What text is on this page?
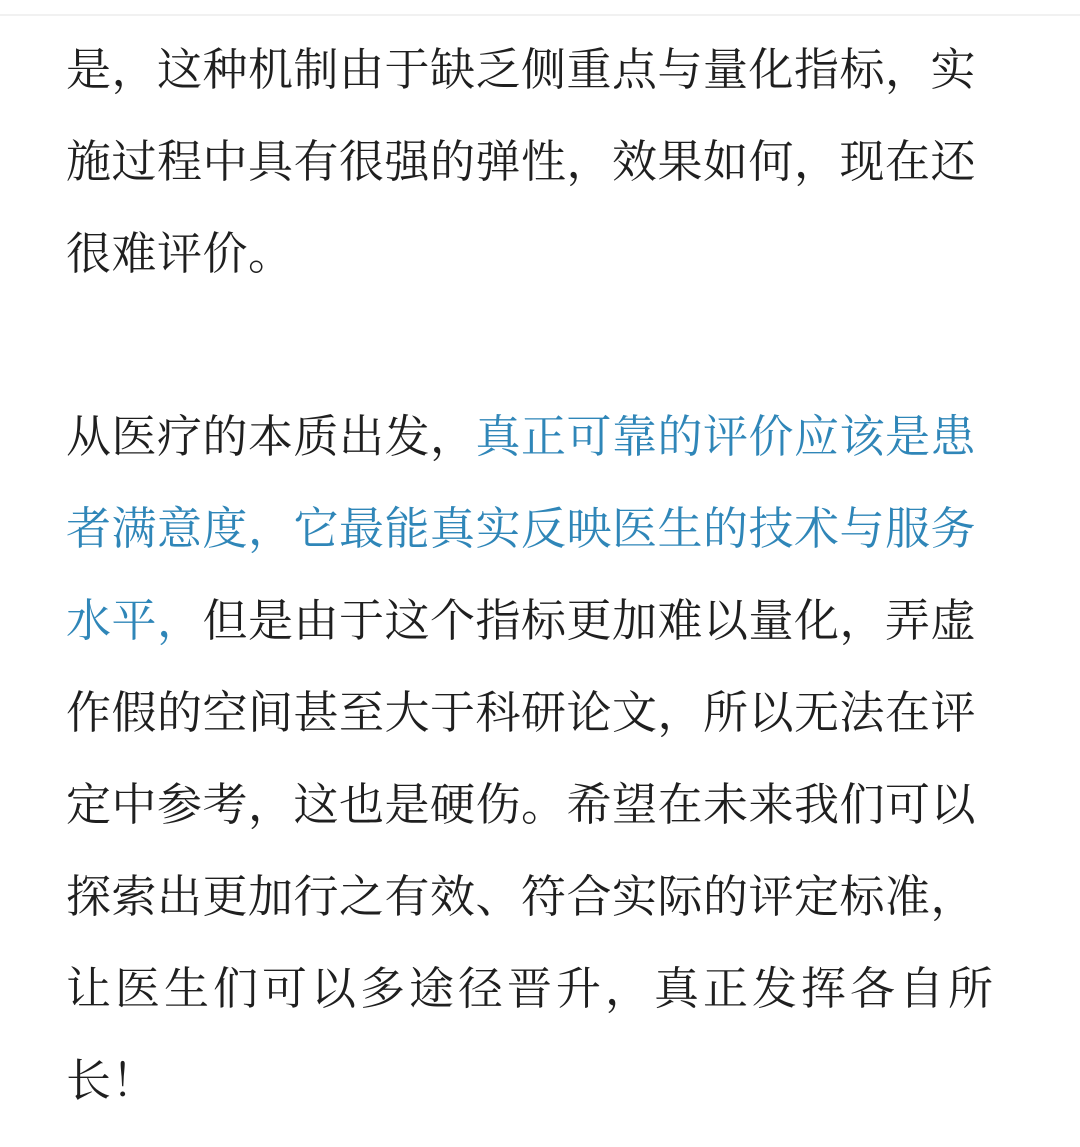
是，这种机制由于缺乏侧重点与量化指标，实
施过程中具有很强的弹性，效果如何，现在还
很难评价。
从医疗的本质出发，真正可靠的评价应该是患
者满意度，它最能真实反映医生的技术与服务
水平，但是由于这个指标更加难以量化，弄虚
作假的空间甚至大于科研论文，所以无法在评
定中参考，这也是硬伤。希望在未来我们可以
探索出更加行之有效、符合实际的评定标准，
让医生们可以多途径晋升，真正发挥各自所
长！
